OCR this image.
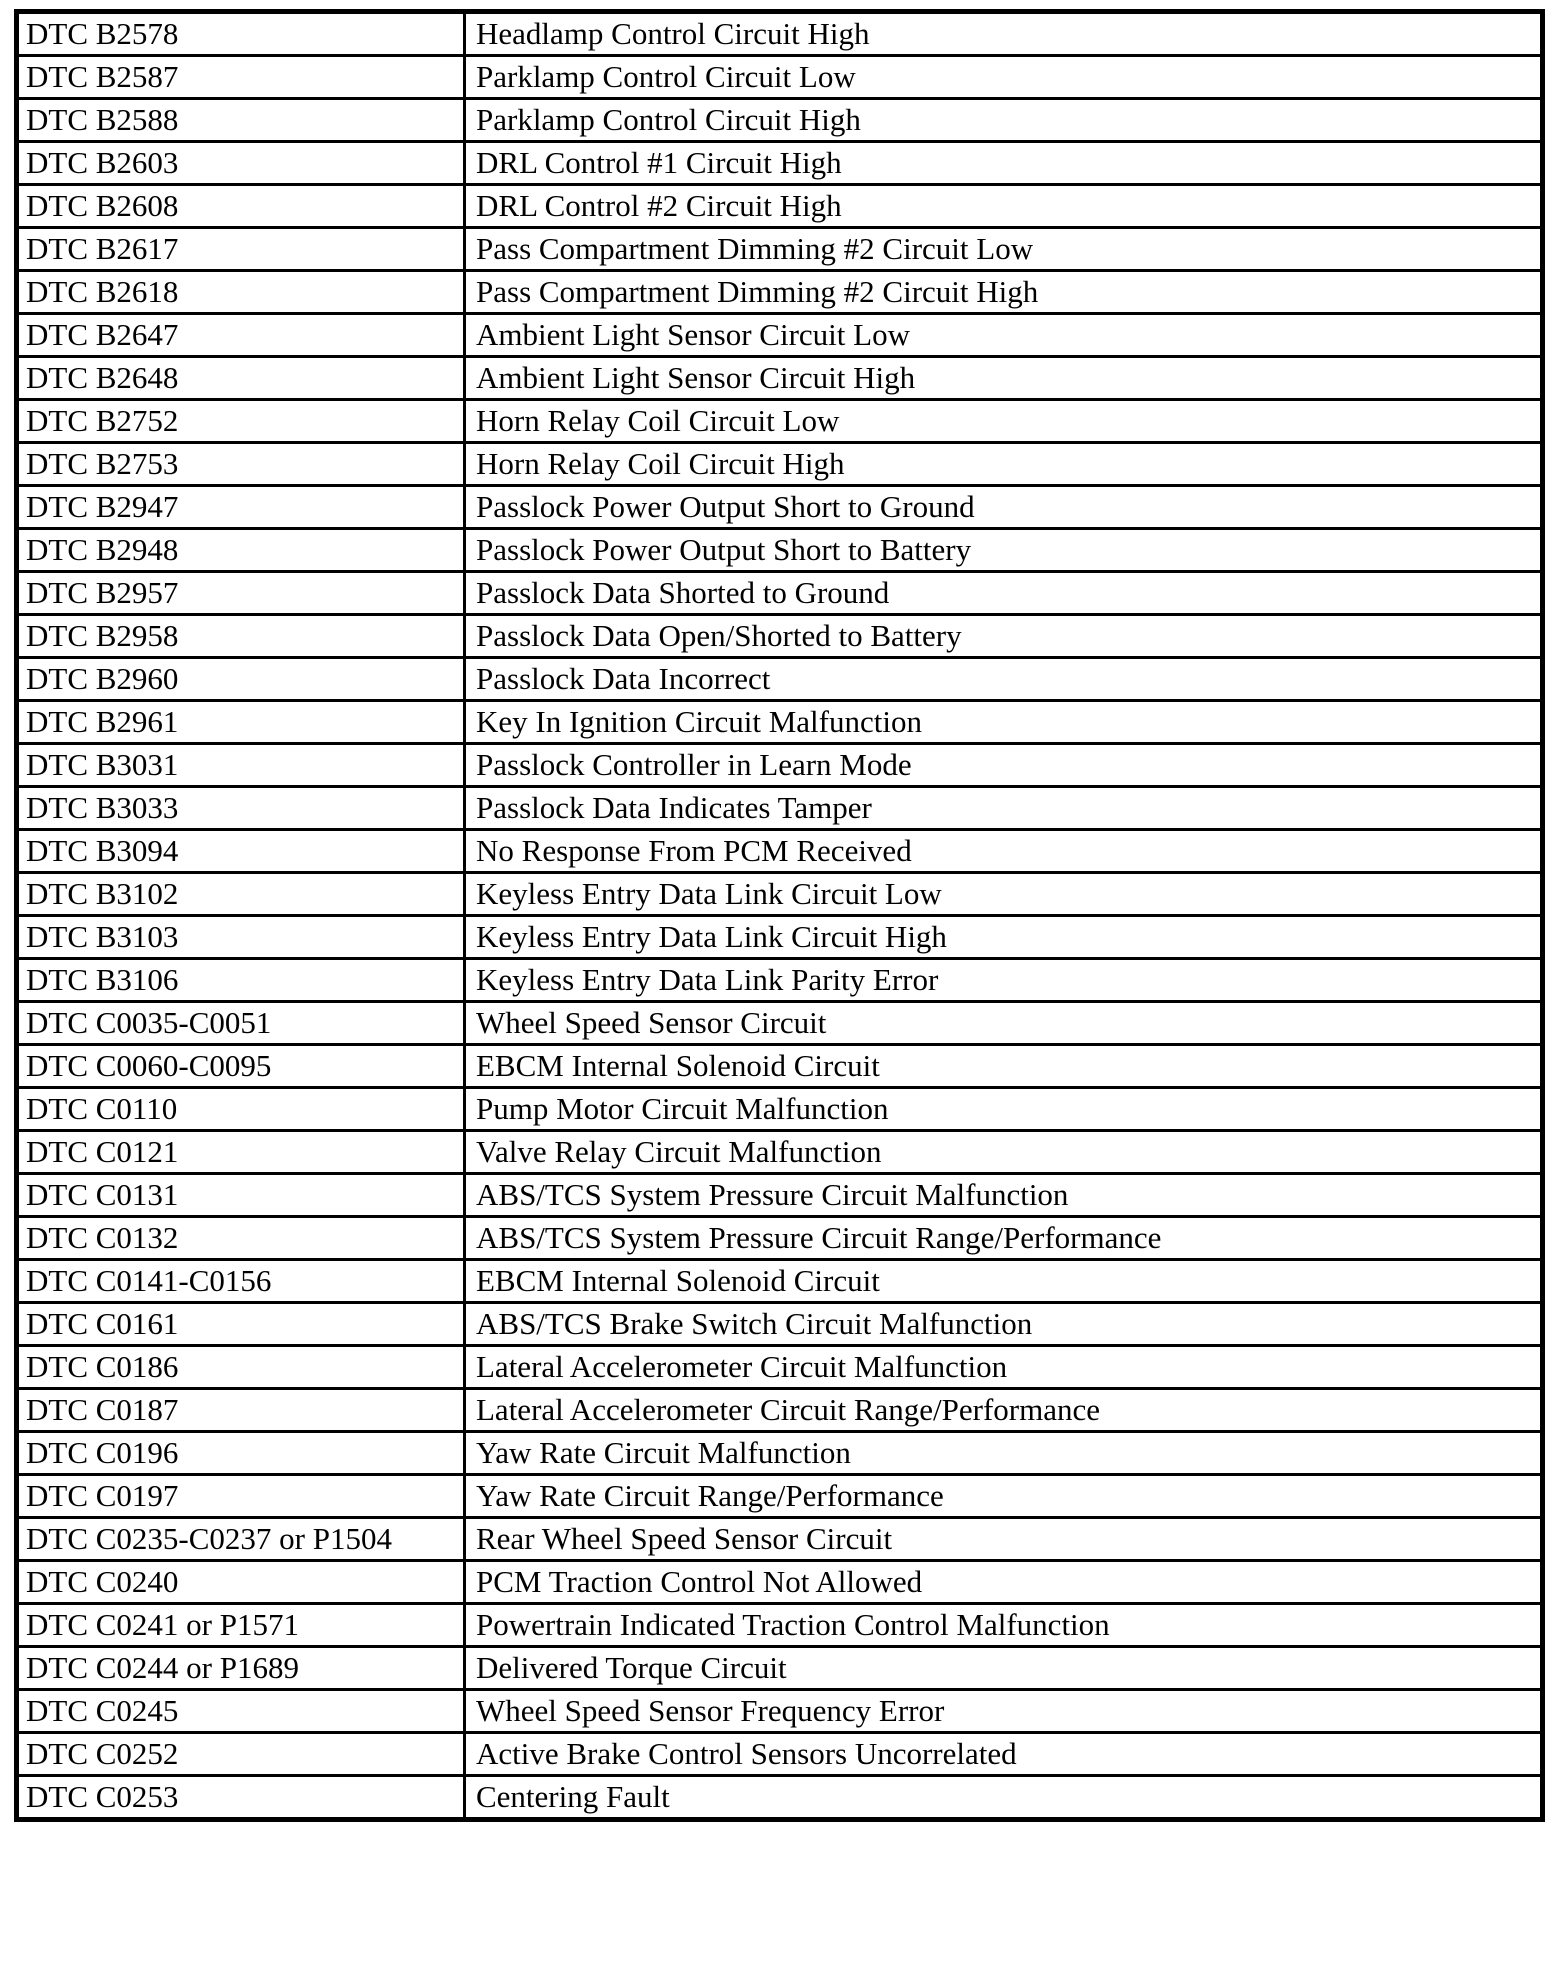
DTC B2578	Headlamp Control Circuit High
DTC B2587	Parklamp Control Circuit Low
DTC B2588	Parklamp Control Circuit High
DTC B2603	DRL Control #1 Circuit High
DTC B2608	DRL Control #2 Circuit High
DTC B2617	Pass Compartment Dimming #2 Circuit Low
DTC B2618	Pass Compartment Dimming #2 Circuit High
DTC B2647	Ambient Light Sensor Circuit Low
DTC B2648	Ambient Light Sensor Circuit High
DTC B2752	Horn Relay Coil Circuit Low
DTC B2753	Horn Relay Coil Circuit High
DTC B2947	Passlock Power Output Short to Ground
DTC B2948	Passlock Power Output Short to Battery
DTC B2957	Passlock Data Shorted to Ground
DTC B2958	Passlock Data Open/Shorted to Battery
DTC B2960	Passlock Data Incorrect
DTC B2961	Key In Ignition Circuit Malfunction
DTC B3031	Passlock Controller in Learn Mode
DTC B3033	Passlock Data Indicates Tamper
DTC B3094	No Response From PCM Received
DTC B3102	Keyless Entry Data Link Circuit Low
DTC B3103	Keyless Entry Data Link Circuit High
DTC B3106	Keyless Entry Data Link Parity Error
DTC C0035-C0051	Wheel Speed Sensor Circuit
DTC C0060-C0095	EBCM Internal Solenoid Circuit
DTC C0110	Pump Motor Circuit Malfunction
DTC C0121	Valve Relay Circuit Malfunction
DTC C0131	ABS/TCS System Pressure Circuit Malfunction
DTC C0132	ABS/TCS System Pressure Circuit Range/Performance
DTC C0141-C0156	EBCM Internal Solenoid Circuit
DTC C0161	ABS/TCS Brake Switch Circuit Malfunction
DTC C0186	Lateral Accelerometer Circuit Malfunction
DTC C0187	Lateral Accelerometer Circuit Range/Performance
DTC C0196	Yaw Rate Circuit Malfunction
DTC C0197	Yaw Rate Circuit Range/Performance
DTC C0235-C0237 or P1504	Rear Wheel Speed Sensor Circuit
DTC C0240	PCM Traction Control Not Allowed
DTC C0241 or P1571	Powertrain Indicated Traction Control Malfunction
DTC C0244 or P1689	Delivered Torque Circuit
DTC C0245	Wheel Speed Sensor Frequency Error
DTC C0252	Active Brake Control Sensors Uncorrelated
DTC C0253	Centering Fault
